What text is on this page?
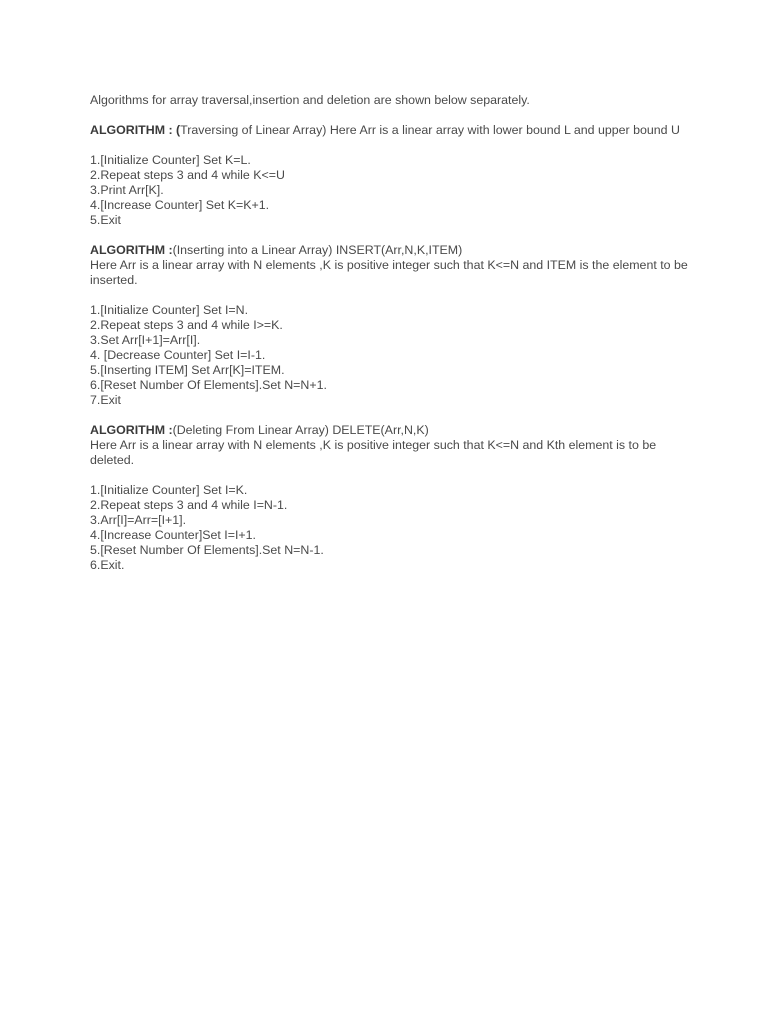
Algorithms for array traversal,insertion and deletion are shown below separately.

ALGORITHM : (Traversing of Linear Array) Here Arr is a linear array with lower bound L and upper bound U

1.[Initialize Counter] Set K=L.
2.Repeat steps 3 and 4 while K<=U
3.Print Arr[K].
4.[Increase Counter] Set K=K+1.
5.Exit

ALGORITHM :(Inserting into a Linear Array) INSERT(Arr,N,K,ITEM)

Here Arr is a linear array with N elements ,K is positive integer such that K<=N and ITEM is the element to be inserted.

1.[Initialize Counter] Set I=N.
2.Repeat steps 3 and 4 while I>=K.
3.Set Arr[I+1]=Arr[I].
4. [Decrease Counter] Set I=I-1.
5.[Inserting ITEM] Set Arr[K]=ITEM.
6.[Reset Number Of Elements].Set N=N+1.
7.Exit

ALGORITHM :(Deleting From Linear Array) DELETE(Arr,N,K)

Here Arr is a linear array with N elements ,K is positive integer such that K<=N and Kth element is to be deleted.

1.[Initialize Counter] Set I=K.
2.Repeat steps 3 and 4 while I=N-1.
3.Arr[I]=Arr=[I+1].
4.[Increase Counter]Set I=I+1.
5.[Reset Number Of Elements].Set N=N-1.
6.Exit.
